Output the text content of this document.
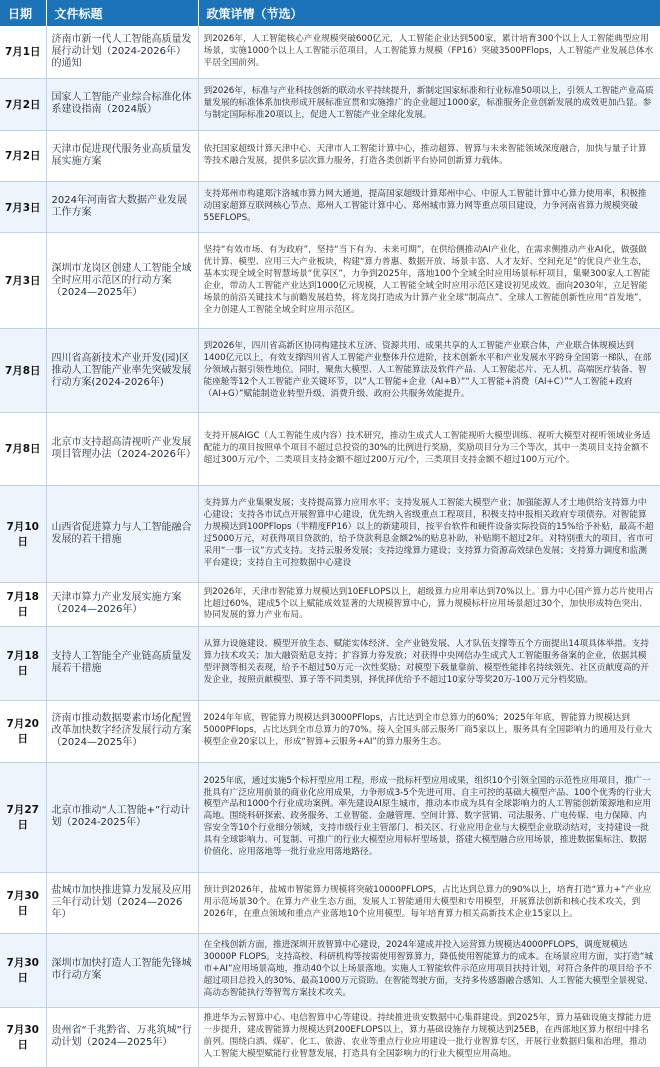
日期	文件标题	政策详情（节选）
7月1日	济南市新一代人工智能高质量发展行动计划（2024-2026年）的通知	到2026年，人工智能核心产业规模突破600亿元，人工智能企业达到500家，累计培育300个以上人工智能典型应用场景，实施1000个以上人工智能示范项目，人工智能算力规模（FP16）突破3500PFlops，人工智能产业发展总体水平居全国前列。
7月2日	国家人工智能产业综合标准化体系建设指南（2024版）	到2026年，标准与产业科技创新的联动水平持续提升，新制定国家标准和行业标准50项以上，引领人工智能产业高质量发展的标准体系加快形成开展标准宣贯和实施推广的企业超过1000家，标准服务企业创新发展的成效更加凸显。参与制定国际标准20项以上，促进人工智能产业全球化发展。
7月2日	天津市促进现代服务业高质量发展实施方案	依托国家超级计算天津中心、天津市人工智能计算中心，推动超算、智算与未来智能领域深度融合，加快与量子计算等技术融合发展，提供多层次算力服务，打造各类创新平台协同创新算力载体。
7月3日	2024年河南省大数据产业发展工作方案	支持郑州市构建郑汴洛城市算力网大通道，提高国家超级计算郑州中心、中原人工智能计算中心算力使用率，积极推动国家超算互联网核心节点、郑州人工智能计算中心、郑州城市算力网等重点项目建设，力争河南省算力规模突破55EFLOPS。
7月3日	深圳市龙岗区创建人工智能全域全时应用示范区的行动方案（2024—2025年）	坚持“有效市场、有为政府”，坚持“当下有为、未来可期”，在供给侧推动AI产业化，在需求侧推动产业AI化，做强做优计算、模型、应用三大产业板块，构建“算力普惠、数据开放、场景丰富、人才友好、空间充足”的优良产业生态，基本实现全域全时智慧场景“优享区”，力争到2025年，落地100个全域全时应用场景标杆项目，集聚300家人工智能企业，带动人工智能产业达到1000亿元规模，人工智能全域全时应用示范区建设初见成效。面向2030年，立足智能场景的前沿关键技术与前瞻发展趋势，将龙岗打造成为计算产业全球“制高点”、全球人工智能创新性应用“首发地”，全力创建人工智能全域全时应用示范区。
7月8日	四川省高新技术产业开发(园)区推动人工智能产业率先突破发展行动方案(2024-2026年)	到2026年，四川省高新区协同构建技术互济、资源共用、成果共享的人工智能产业联合体，产业联合体规模达到1400亿元以上，有效支撑四川省人工智能产业整体升位进阶，技术创新水平和产业发展水平跨身全国第一梯队，在部分领域占据引领性地位。同时，聚焦大模型、人工智能算法及软件产品、人工智能芯片、无人机、高端医疗装备、智能座舱等12个人工智能产业关键环节，以“人工智能+企业（AI+B）”“人工智能+消费（AI+C）”“人工智能+政府（AI+G）”赋能制造业转型升级、消费升级、政府公共服务效能提升。
7月8日	北京市支持超高清视听产业发展项目管理办法（2024-2026年）	支持开展AIGC（人工智能生成内容）技术研究，推动生成式人工智能视听大模型训练、视听大模型对视听领域业务适配能力的项目按照单个项目不超过总投资的30%的比例进行奖励，奖励项目分为三个等次，其中一类项目支持金额不超过300万元/个，二类项目支持金额不超过200万元/个，三类项目支持金额不超过100万元/个。
7月10日	山西省促进算力与人工智能融合发展的若干措施	支持算力产业集聚发展；支持提高算力应用水平；支持发展人工智能大模型产业；加强能源人才土地供给支持算力中心建设；支持各市试点开展智算中心建设，优先纳入省级重点工程项目，积极支持申报相关政府专项债券。对智能算力规模达到100PFlops（半精度FP16）以上的新建项目，按平台软件和硬件设备实际投资的15%给予补贴，最高不超过5000万元，对获得项目贷款的，给予贷款利息金额2%的贴息补助，补贴期不超过2年。对特别重大的项目，省市可采用“一事一议”方式支持。支持云服务发展；支持边缘算力建设；支持算力资源高效绿色发展；支持算力调度和监测平台建设；支持自主可控数据中心建设
7月18日	天津市算力产业发展实施方案（2024—2026年）	到2026年，天津市智能算力规模达到10EFLOPS以上，超级算力应用率达到70%以上。算力中心国产算力芯片使用占比超过60%，建成5个以上赋能成效显著的大规模智算中心，算力规模标杆应用场景超过30个，加快形成特色突出、协同发展的算力产业布局。
7月18日	支持人工智能全产业链高质量发展若干措施	从算力设施建设、模型开放生态、赋能实体经济、全产业链发展、人才队伍支撑等五个方面提出14项具体举措。支持算力技术攻关；加大融资贴息支持；扩容算力券发放；对获得中央网信办生成式人工智能服务备案的企业，依据其模型评测等相关表现，给予不超过50万元一次性奖励；对模型下载量靠前、模型性能排名持续领先、社区贡献度高的开发企业，按照贡献模型、算子等不同类别，择优择优给予不超过10家分等奖20万-100万元分档奖励。
7月20日	济南市推动数据要素市场化配置改革加快数字经济发展行动方案（2024—2025年）	2024年年底，智能算力规模达到3000PFlops，占比达到全市总算力的60%；2025年年底，智能算力规模达到5000PFlops，占比达到全市总算力的70%。接入全国头部云服务厂商5家以上，服务具有全国影响力的通用及行业大模型企业20家以上，形成“智算+云服务+AI”的算力服务生态。
7月27日	北京市推动“人工智能+”行动计划（2024-2025年）	2025年底，通过实施5个标杆型应用工程，形成一批标杆型应用成果，组织10个引领全国的示范性应用项目，推广一批具有广泛应用前景的商业化应用成果，力争形成3-5个先进可用、自主可控的基础大模型产品、100个优秀的行业大模型产品和1000个行业成功案例。率先建设AI原生城市，推动本市成为具有全球影响力的人工智能创新策源地和应用高地。围绕科研探索、政务服务、工业智能、金融管理、空间计算、数字营销、司法服务、广电传媒、电力保障、内容安全等10个行业细分领域，支持市级行业主管部门、相关区、行业应用企业与大模型企业联动结对，支持建设一批具有全球影响力、可复制、可推广的行业大模型应用标杆型场景，搭建大模型融合应用场景，推进数据集标注、数据价值化、应用落地等一批行业应用落地路径。
7月30日	盐城市加快推进算力发展及应用三年行动计划（2024—2026年）	预计到2026年，盐城市智能算力规模将突破10000PFLOPS，占比达到总算力的90%以上，培育打造“算力+”产业应用示范场景30个。在算力产业生态方面，发展人工智能通用大模型和专用模型，开展算法创新和核心技术攻关，到2026年，在重点领域和重点产业落地10个应用模型。每年培育算力相关高新技术企业15家以上。
7月30日	深圳市加快打造人工智能先锋城市行动方案	在全栈创新方面，推进深圳开放智算中心建设，2024年建成并投入运营算力规模达4000PFLOPS，调度规模达30000P FLOPS。支持高校、科研机构等按需使用智算算力，降低使用智能算力的成本。在场景应用方面，实打造“城市+AI”应用场景高地，推动40个以上场景落地。实施人工智能软件示范应用项目扶持计划，对符合条件的项目给予不超过项目总投入的30%、最高1000万元资助。在智能驾驶方面，支持多传感器融合感知、人工智能大模型全景视觉、高动态智能执行等智驾方案技术攻关。
7月30日	贵州省“千兆黔省、万兆筑城”行动计划（2024—2025年）	推进华为云智算中心、电信智算中心等建设。持续推进贵安数据中心集群建设。到2025年，算力基础设施支撑能力进一步提升，建成智能算力规模达到200EFLOPS以上，算力基础设施存力规模达到25EB，在西部地区算力枢纽中排名前列。围绕白酒、煤矿、化工、旅游、农业等重点行业应用建设一批行业智算专区，开展行业数据归集和治理，推动人工智能大模型赋能行业智慧发展，打造具有全国影响力的行业大模型应用高地。
